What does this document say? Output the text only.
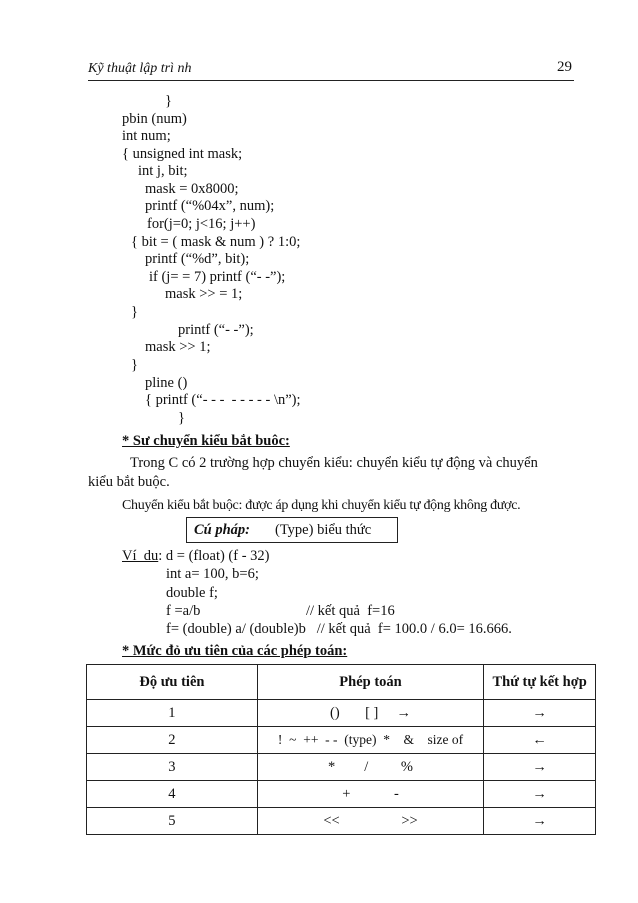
Kỹ thuật lập trì nh	29
}
pbin (num)
int num;
{ unsigned int mask;
int j, bit;
mask = 0x8000;
printf (“%04x”, num);
for(j=0; j<16; j++)
{ bit = ( mask & num ) ? 1:0;
printf (“%d”, bit);
if (j= = 7) printf (“- -”);
mask >> = 1;
}
printf (“- -”);
mask >> 1;
}
pline ()
{ printf (“- - -  - - - - - \n”);
}
* Sư chuyển kiểu bắt buôc:
Trong C có 2 trường hợp chuyển kiểu: chuyển kiểu tự động và chuyển
kiểu bắt buộc.
Chuyển kiểu bắt buộc: được áp dụng khi chuyển kiểu tự động không được.
Cú pháp: (Type) biểu thức
Ví  du: d = (float) (f - 32)
int a= 100, b=6;
double f;
f =a/b	// kết quả  f=16
f= (double) a/ (double)b   // kết quả  f= 100.0 / 6.0= 16.666.
* Mức đỏ ưu tiên của các phép toán:
Độ ưu tiên	Phép toán	Thứ tự kết hợp
1	()       [ ]     →	→
2	!  ~  ++  - -  (type)  *    &    size of	←
3	*        /         %	→
4	+            -	→
5	<<                 >>	→
